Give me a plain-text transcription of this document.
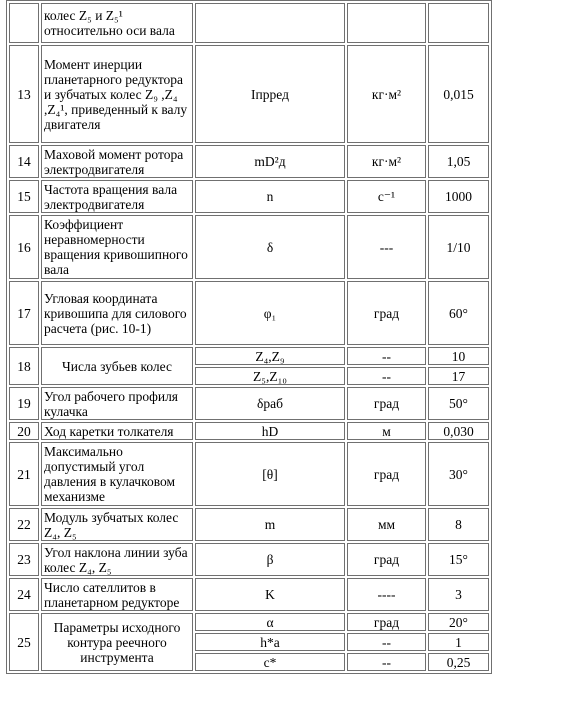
	колес Z₅ и Z₅¹ относительно оси вала			
13	Момент инерции планетарного редуктора и зубчатых колес Z₉ ,Z₄ ,Z₄¹, приведенный к валу двигателя	Iпрред	кг·м²	0,015
14	Маховой момент ротора электродвигателя	mD²д	кг·м²	1,05
15	Частота вращения вала электродвигателя	n	с⁻¹	1000
16	Коэффициент неравномерности вращения кривошипного вала	δ	---	1/10
17	Угловая координата кривошипа для силового расчета (рис. 10-1)	φ₁	град	60°
18	Числа зубьев колес	Z₄,Z₉	--	10
		Z₅,Z₁₀	--	17
19	Угол рабочего профиля кулачка	δраб	град	50°
20	Ход каретки толкателя	hD	м	0,030
21	Максимально допустимый угол давления в кулачковом механизме	[θ]	град	30°
22	Модуль зубчатых колес Z₄, Z₅	m	мм	8
23	Угол наклона линии зуба колес Z₄, Z₅	β	град	15°
24	Число сателлитов в планетарном редукторе	K	----	3
25	Параметры исходного контура реечного инструмента	α	град	20°
		h*a	--	1
		c*	--	0,25
